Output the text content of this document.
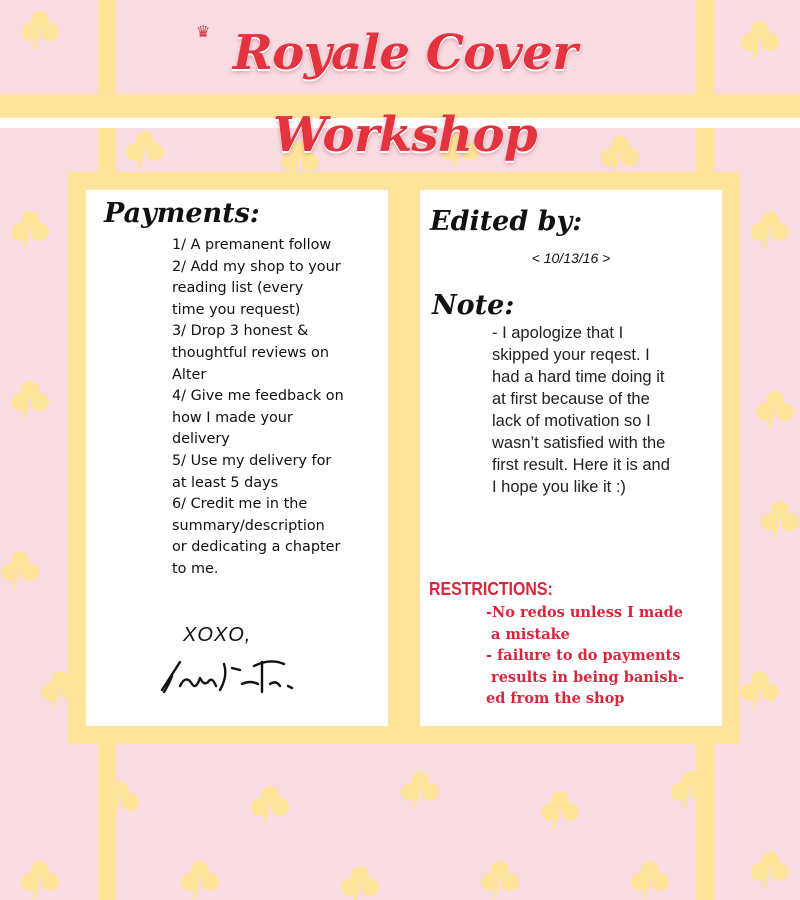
♛ Royale Cover Workshop
Payments:
1/ A premanent follow
2/ Add my shop to your
reading list (every
time you request)
3/ Drop 3 honest &
thoughtful reviews on
Alter
4/ Give me feedback on
how I made your
delivery
5/ Use my delivery for
at least 5 days
6/ Credit me in the
summary/description
or dedicating a chapter
to me.
XOXO,
Edited by:
< 10/13/16 >
Note:
- I apologize that I
skipped your reqest. I
had a hard time doing it
at first because of the
lack of motivation so I
wasn’t satisfied with the
first result. Here it is and
I hope you like it :)
RESTRICTIONS:
-No redos unless I made
a mistake
- failure to do payments
results in being banish-
ed from the shop
